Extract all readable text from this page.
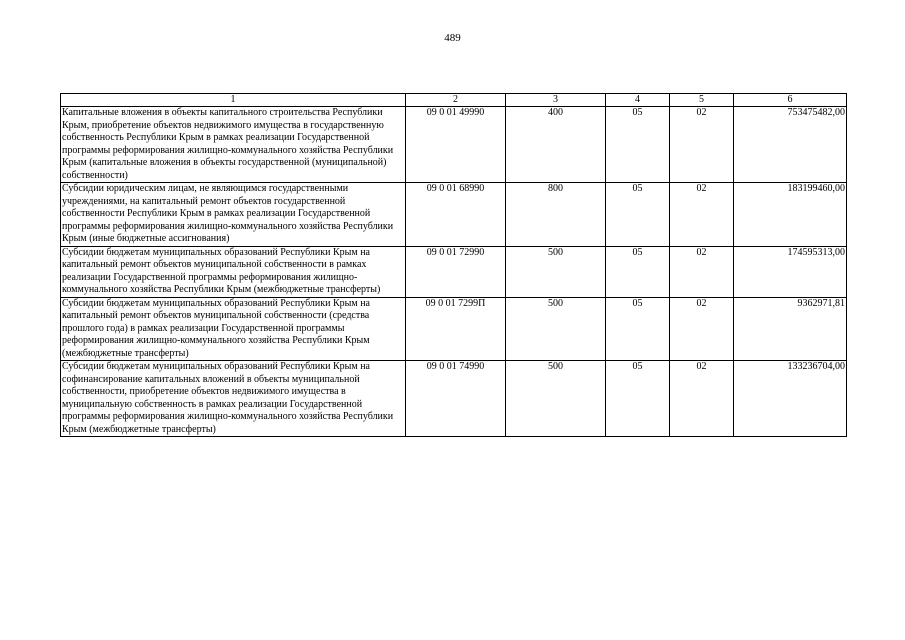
489
1	2	3	4	5	6
Капитальные вложения в объекты капитального строительства Республики Крым, приобретение объектов недвижимого имущества в государственную собственность Республики Крым в рамках реализации Государственной программы реформирования жилищно-коммунального хозяйства Республики Крым (капитальные вложения в объекты государственной (муниципальной) собственности)	09 0 01 49990	400	05	02	753475482,00
Субсидии юридическим лицам, не являющимся государственными учреждениями, на капитальный ремонт объектов государственной собственности Республики Крым в рамках реализации Государственной программы реформирования жилищно-коммунального хозяйства Республики Крым (иные бюджетные ассигнования)	09 0 01 68990	800	05	02	183199460,00
Субсидии бюджетам муниципальных образований Республики Крым на капитальный ремонт объектов муниципальной собственности в рамках реализации Государственной программы реформирования жилищно-коммунального хозяйства Республики Крым (межбюджетные трансферты)	09 0 01 72990	500	05	02	174595313,00
Субсидии бюджетам муниципальных образований Республики Крым на капитальный ремонт объектов муниципальной собственности (средства прошлого года) в рамках реализации Государственной программы реформирования жилищно-коммунального хозяйства Республики Крым (межбюджетные трансферты)	09 0 01 7299П	500	05	02	9362971,81
Субсидии бюджетам муниципальных образований Республики Крым на софинансирование капитальных вложений в объекты муниципальной собственности, приобретение объектов недвижимого имущества в муниципальную собственность в рамках реализации Государственной программы реформирования жилищно-коммунального хозяйства Республики Крым (межбюджетные трансферты)	09 0 01 74990	500	05	02	133236704,00
